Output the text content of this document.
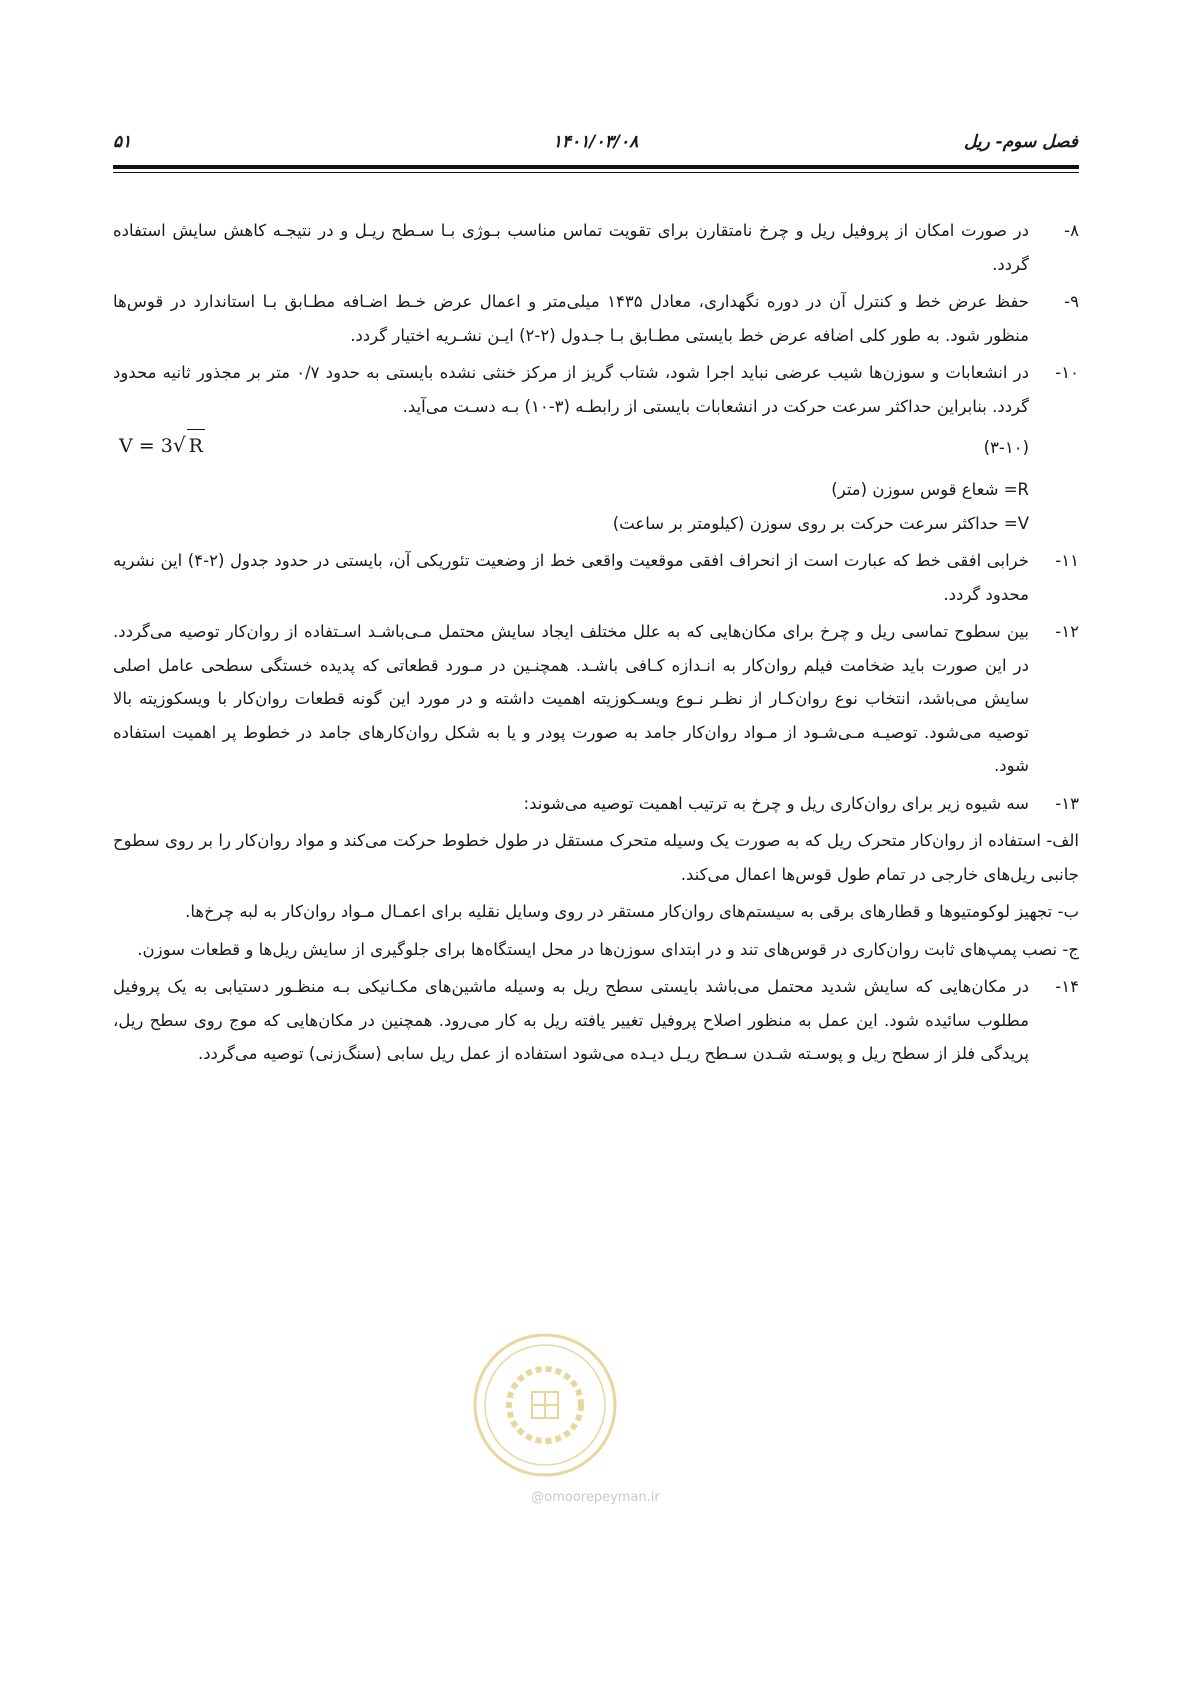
فصل سوم- ریل
۱۴۰۱/۰۳/۰۸
۵۱
۸-
در صورت امکان از پروفیل ریل و چرخ نامتقارن برای تقویت تماس مناسب بـوژی بـا سـطح ریـل و در نتیجـه کاهش سایش استفاده گردد.
۹-
حفظ عرض خط و کنترل آن در دوره نگهداری، معادل ۱۴۳۵ میلی‌متر و اعمال عرض خـط اضـافه مطـابق بـا استاندارد در قوس‌ها منظور شود. به طور کلی اضافه عرض خط بایستی مطـابق بـا جـدول (۲-۲) ایـن نشـریه اختیار گردد.
۱۰-
در انشعابات و سوزن‌ها شیب عرضی نباید اجرا شود، شتاب گریز از مرکز خنثی نشده بایستی به حدود ۰/۷ متر بر مجذور ثانیه محدود گردد. بنابراین حداکثر سرعت حرکت در انشعابات بایستی از رابطـه (۳-۱۰) بـه دسـت می‌آید.
V = 3√ R	(۳-۱۰)
R= شعاع قوس سوزن (متر)
V= حداکثر سرعت حرکت بر روی سوزن (کیلومتر بر ساعت)
۱۱-
خرابی افقی خط که عبارت است از انحراف افقی موقعیت واقعی خط از وضعیت تئوریکی آن، بایستی در حدود جدول (۲-۴) این نشریه محدود گردد.
۱۲-
بین سطوح تماسی ریل و چرخ برای مکان‌هایی که به علل مختلف ایجاد سایش محتمل مـی‌باشـد اسـتفاده از روان‌کار توصیه می‌گردد. در این صورت باید ضخامت فیلم روان‌کار به انـدازه کـافی باشـد. همچنـین در مـورد قطعاتی که پدیده خستگی سطحی عامل اصلی سایش می‌باشد، انتخاب نوع روان‌کـار از نظـر نـوع ویسـکوزیته اهمیت داشته و در مورد این گونه قطعات روان‌کار با ویسکوزیته بالا توصیه می‌شود. توصیـه مـی‌شـود از مـواد روان‌کار جامد به صورت پودر و یا به شکل روان‌کارهای جامد در خطوط پر اهمیت استفاده شود.
۱۳-
سه شیوه زیر برای روان‌کاری ریل و چرخ به ترتیب اهمیت توصیه می‌شوند:
الف- استفاده از روان‌کار متحرک ریل که به صورت یک وسیله متحرک مستقل در طول خطوط حرکت می‌کند و مواد روان‌کار را بر روی سطوح جانبی ریل‌های خارجی در تمام طول قوس‌ها اعمال می‌کند.
ب- تجهیز لوکومتیوها و قطارهای برقی به سیستم‌های روان‌کار مستقر در روی وسایل نقلیه برای اعمـال مـواد روان‌کار به لبه چرخ‌ها.
ج- نصب پمپ‌های ثابت روان‌کاری در قوس‌های تند و در ابتدای سوزن‌ها در محل ایستگاه‌ها برای جلوگیری از سایش ریل‌ها و قطعات سوزن.
۱۴-
در مکان‌هایی که سایش شدید محتمل می‌باشد بایستی سطح ریل به وسیله ماشین‌های مکـانیکی بـه منظـور دستیابی به یک پروفیل مطلوب سائیده شود. این عمل به منظور اصلاح پروفیل تغییر یافته ریل به کار می‌رود. همچنین در مکان‌هایی که موج روی سطح ریل، پریدگی فلز از سطح ریل و پوسـته شـدن سـطح ریـل دیـده می‌شود استفاده از عمل ریل سابی (سنگ‌زنی) توصیه می‌گردد.
@omoorepeyman.ir
